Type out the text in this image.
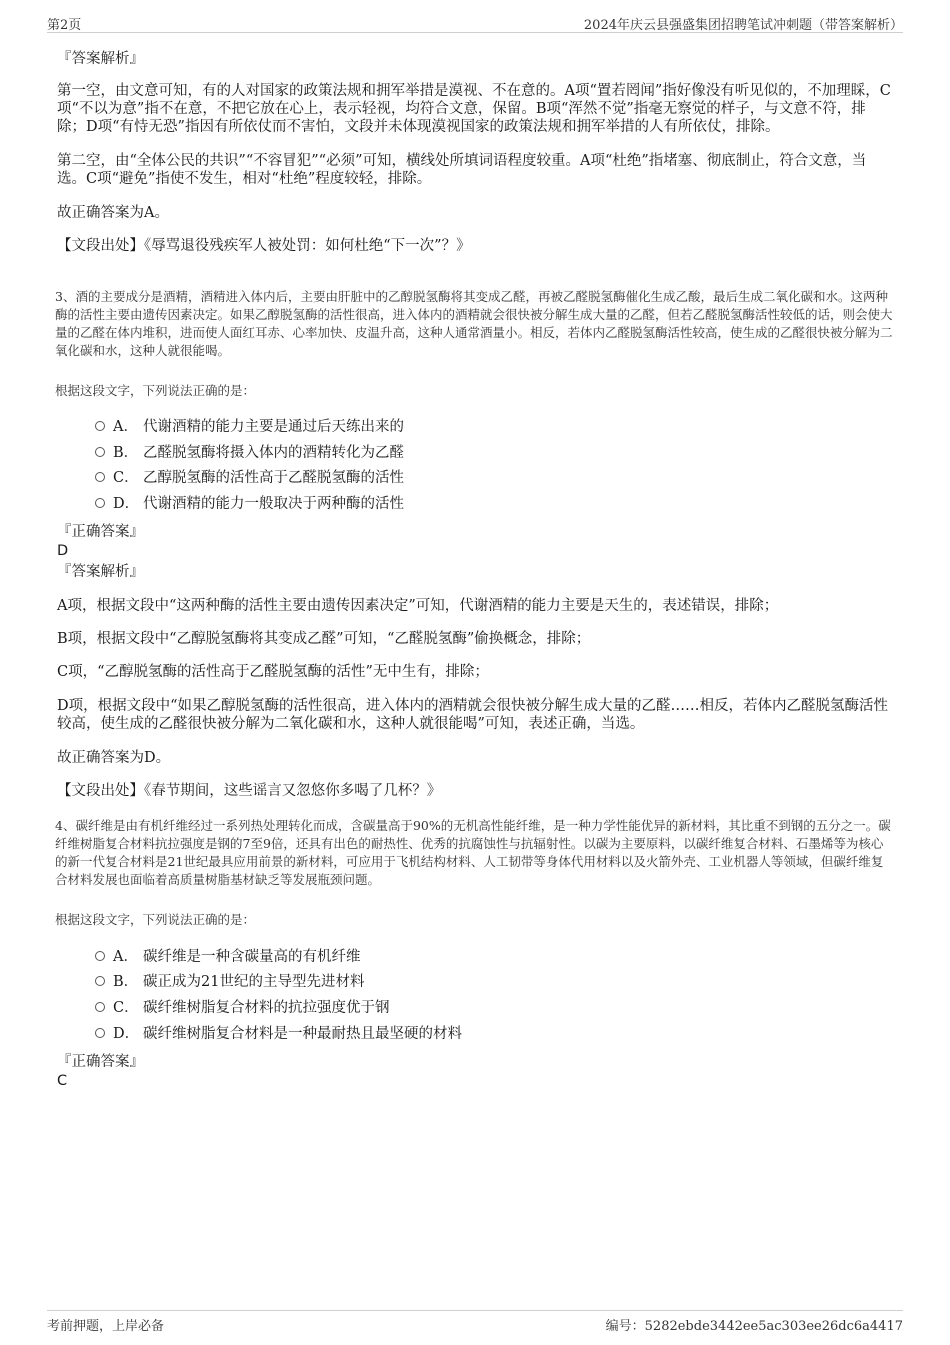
第2页	2024年庆云县强盛集团招聘笔试冲刺题（带答案解析）
『答案解析』
第一空，由文意可知，有的人对国家的政策法规和拥军举措是漠视、不在意的。A项“置若罔闻”指好像没有听见似的，不加理睬，C项“不以为意”指不在意，不把它放在心上，表示轻视，均符合文意，保留。B项“浑然不觉”指毫无察觉的样子，与文意不符，排除；D项“有恃无恐”指因有所依仗而不害怕，文段并未体现漠视国家的政策法规和拥军举措的人有所依仗，排除。
第二空，由“全体公民的共识”“不容冒犯”“必须”可知，横线处所填词语程度较重。A项“杜绝”指堵塞、彻底制止，符合文意，当选。C项“避免”指使不发生，相对“杜绝”程度较轻，排除。
故正确答案为A。
【文段出处】《辱骂退役残疾军人被处罚：如何杜绝“下一次”？》
3、酒的主要成分是酒精，酒精进入体内后，主要由肝脏中的乙醇脱氢酶将其变成乙醛，再被乙醛脱氢酶催化生成乙酸，最后生成二氧化碳和水。这两种酶的活性主要由遗传因素决定。如果乙醇脱氢酶的活性很高，进入体内的酒精就会很快被分解生成大量的乙醛，但若乙醛脱氢酶活性较低的话，则会使大量的乙醛在体内堆积，进而使人面红耳赤、心率加快、皮温升高，这种人通常酒量小。相反，若体内乙醛脱氢酶活性较高，使生成的乙醛很快被分解为二氧化碳和水，这种人就很能喝。
根据这段文字，下列说法正确的是：
A． 代谢酒精的能力主要是通过后天练出来的
B． 乙醛脱氢酶将摄入体内的酒精转化为乙醛
C． 乙醇脱氢酶的活性高于乙醛脱氢酶的活性
D． 代谢酒精的能力一般取决于两种酶的活性
『正确答案』
D
『答案解析』
A项，根据文段中“这两种酶的活性主要由遗传因素决定”可知，代谢酒精的能力主要是天生的，表述错误，排除；
B项，根据文段中“乙醇脱氢酶将其变成乙醛”可知，“乙醛脱氢酶”偷换概念，排除；
C项，“乙醇脱氢酶的活性高于乙醛脱氢酶的活性”无中生有，排除；
D项，根据文段中“如果乙醇脱氢酶的活性很高，进入体内的酒精就会很快被分解生成大量的乙醛……相反，若体内乙醛脱氢酶活性较高，使生成的乙醛很快被分解为二氧化碳和水，这种人就很能喝”可知，表述正确，当选。
故正确答案为D。
【文段出处】《春节期间，这些谣言又忽悠你多喝了几杯？》
4、碳纤维是由有机纤维经过一系列热处理转化而成，含碳量高于90%的无机高性能纤维，是一种力学性能优异的新材料，其比重不到钢的五分之一。碳纤维树脂复合材料抗拉强度是钢的7至9倍，还具有出色的耐热性、优秀的抗腐蚀性与抗辐射性。以碳为主要原料，以碳纤维复合材料、石墨烯等为核心的新一代复合材料是21世纪最具应用前景的新材料，可应用于飞机结构材料、人工韧带等身体代用材料以及火箭外壳、工业机器人等领域，但碳纤维复合材料发展也面临着高质量树脂基材缺乏等发展瓶颈问题。
根据这段文字，下列说法正确的是：
A． 碳纤维是一种含碳量高的有机纤维
B． 碳正成为21世纪的主导型先进材料
C． 碳纤维树脂复合材料的抗拉强度优于钢
D． 碳纤维树脂复合材料是一种最耐热且最坚硬的材料
『正确答案』
C
考前押题，上岸必备	编号：5282ebde3442ee5ac303ee26dc6a4417
